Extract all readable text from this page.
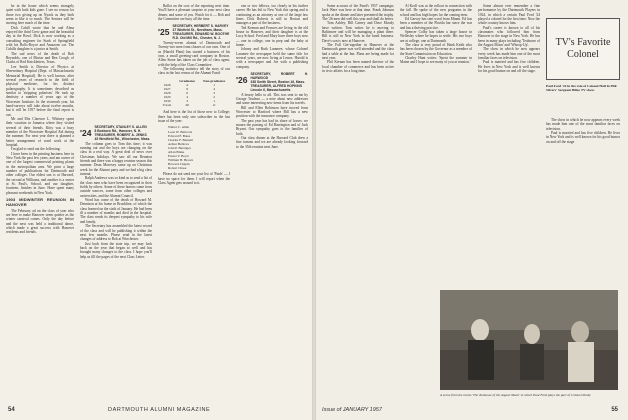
be in the house which seems strangely quiet with both kids gone. I see no reason for those two giving up on Nyack as they both seem to like it so much. The Seniors will be moving here much of the time.

Dick Cahill wrote that he and Alma enjoyed the third Crew game and the beautiful day at the Bowl. Dick is now working as a consulting engineer for Stark of Springfield with his Rolls-Royce and Amazons car. The Cahills daughter is a junior at Smith.

The sad news of the death of Bob Reynolds, one of Mortar and Ben Coogh, of Clarks of Red Knickletters, Texas.

Lee Smith is Director of Physics at Shrewsbury Hospital (Dept. of Massachusetts Memorial Hospital). He is well known, after several years of research in the field of physical medicine, for his distinct polarography. It is sometimes described as similar to 'stripping polarism.' He took up dentistry a number of years ago at the Worcester Institute. In the sixteenth year, his hand-surveys will take about twelve months, but it will be 1957 before the final report is out.

Mr and Mrs Clarence L. Whitney spent their vacation in Jamaica where they visited several of their friends. Kitty was a busy member of the Worcester Hospital Aid during the summer. For next year there is planned a better arrangement of ward work at the hospital.

I'm glad to send out the following:

I have been in the printing business here in New York the past few years, and am owner of one of the largest commercial printing plants in the metropolitan area. We print a large number of publications for Dartmouth and other colleges. Our eldest son is at Harvard, the second at Williams, and another is a senior at St. Paul's, School, and our daughter, fourteen, finishes in June. Have spent many pleasant weekends in New York.

1903 MIDWINTER REUNION IN HANOVER

The February ad on the class of year who are here to make Hanover seem quieter as the winter carnival comes. Only the day before and the next was held a traditional dance, which made a great success with Hanover residents and friends.

'24
SECRETARY, STANLEY S. ALLEN
8 Boxboro Rd., Hanover, N. H.
TREASURER, ROBERT A. JENKS
45 Westfield Rd., Winchester, Mass.

The column goes to Tom this time; it was running out and the boys are changing on the class in a real way. A great deal of news over Christmas holidays. We saw all our Reunion friends and there was a happy reunion season this summer. Dean Morrisey came up on Christmas week for the Alumni party and we had a big class turnout.

Ralph Andrews was so kind as to send a list of the class men who have been recognized in their fields by others. Some of these honors came from outside sources, some from other colleges and universities, and the Alumni Council.

Word has come of the death of Howard M. Dennison at his home in Brookline, of which the class learned on the sixth of January. He had been ill a number of months and died in the hospital. The class sends its deepest sympathy to his wife and family.

The Secretary has assembled the latest record of the class and will be publishing it within the next few months. Please send in the latest changes of address to Bob at Winchester.

Just back from the state trip, we may look back on the year that began so well and has brought many changes to the class. I hope you'll help us fill the pages of the next Class Letter.

Ballot on the cost of the reporting next time. You'll have a pleasant surprise at your next class dinner, and some of you. Watch for it — Bob and the Committee are busy all the time.

'25
SECRETARY, HERBERT S. HARVEY
37 Winfield St., Needham, Mass.
TREASURER, EDWARD W. BOOTHE
R.D. Old Mill Rd., Chester, N. J.

Twenty-seven alumni of Dartmouth and Twenty-two men from classes of our own. One of us (Harold Plant) has started a business of his own, a small greeting-card company in Boston. Allen Stone has taken on the job of class agent, with the help of the Class Committee.

The following statistics tell the story of our class in the last census of the Alumni Fund:

	Graduates	Non-graduates
1926	4	1
1927	9	4
1928	6	3
1929	4	2
1930	3	1
Totals	26	11

And here is the list of those new to College; there has been only one subscriber in the last issue of the year:

Walter C. Allen
Leon W. Babcock
Edward F. Bates
Charles F. Bennett
Arthur Bellows
John P. Beranger
Allan Blake
Ernest V. Boyd
William H. Brown
Howard Chapin
Robert Chase

Please do not send me your list of 'Finds' — I have no space for them. I will report when the Class Agent gets around to it.

one or two fellows, too clearly in his further career. He has left to New York this spring and is continuing as an attorney at one of the large law firms. Dick Roberts is still in Boston and manages a part of the business.

Ted Keenan and Frances are living in the old house in Hanover, and their daughter is at the Lucy School. Fred and Mary have three boys now — one in college, one in prep and the baby at home.

Johnny and Ruth Laramee, whose Colonel Laramee the newspaper held the same title for several years, are now living at Lenox. Harold is with a newspaper and Joe with a publishing company.

'26
SECRETARY, ROBERT H. HARWOOD
338 Smith Street, Boston 16, Mass.
TREASURER, ALFRED HOPKINS
Lincoln 6, Massachusetts

A hearty hello to all. This was sent to me by George Trudeau — a note about new addresses and some interesting new items from his travels.

Bill and Ellen Robinson have moved from Worcester to Hartford where Bill has a new position with the insurance company.

The past year has had its share of losses: we mourn the passing of Ed Harrington and of Jack Bryant. Our sympathy goes to the families of both.

Our class dinner at the Harvard Club drew a fine turnout and we are already looking forward to the 35th reunion next June.

54	DARTMOUTH ALUMNI MAGAZINE

Some account of the Fund's 1957 campaign; Jack Ware was here at that time. Frank Johnson spoke at the dinner and later presented the trophy. The '26 men did well this year and shall do better.

Tom Ashley, Bill Carney and Dave Moody have written. Tom writes he is moving to Baltimore and will be managing a plant there. Bill is still in New York in the bond business. Dave's son is now at Hanover.

The Fall Get-together in Hanover at the Dartmouth game was well attended and the class had a table at the Inn. Plans are being made for next year.

Phil Kernan has been named director of the local chamber of commerce and has been active in civic affairs for a long time.

Al Kroll was at the rollout in connection with the fall. He spoke of the new programs in the school and has high hopes for the coming term.

Ed Garvey has sent word from Miami. Ed has been a member of the Florida bar since the war and has a thriving practice.

Spencer Colby has taken a large house in Wellesley where he hopes to settle. His two boys are at college, one at Dartmouth.

The class is very proud of Hank Keith who has been chosen by the Governor as a member of the State Commission on Education.

Charley Hunt writes: 'Spent the summer in Maine and I hope to see many of you at reunion.'

Some almost ever remember a fine performance by the Dartmouth Players in 1924, in which a certain Paul Ford '24 played a colonel for the first time. Now the whole country knows him.

Paul's career is known to all of his classmates who followed him from Hanover to the stage in New York. He has been in many plays including 'Teahouse of the August Moon' and 'Whoop-Up'.

The show in which he now appears every week has made him one of the most familiar faces on television.

Paul is married and has five children. He lives in New York and is well known for his good humor on and off the stage.

TV's Favorite
Colonel
Paul Ford '24 in the role of Colonel Hall in Phil Silvers' Sergeant Bilko TV show.

The show in which he now appears every week has made him one of the most familiar faces on television.

Paul is married and has five children. He lives in New York and is well known for his good humor on and off the stage.

A scene from the movie 'The Teahouse of the August Moon' in which Paul Ford plays the part of Colonel Purdy.
Issue of JANUARY 1957	55
